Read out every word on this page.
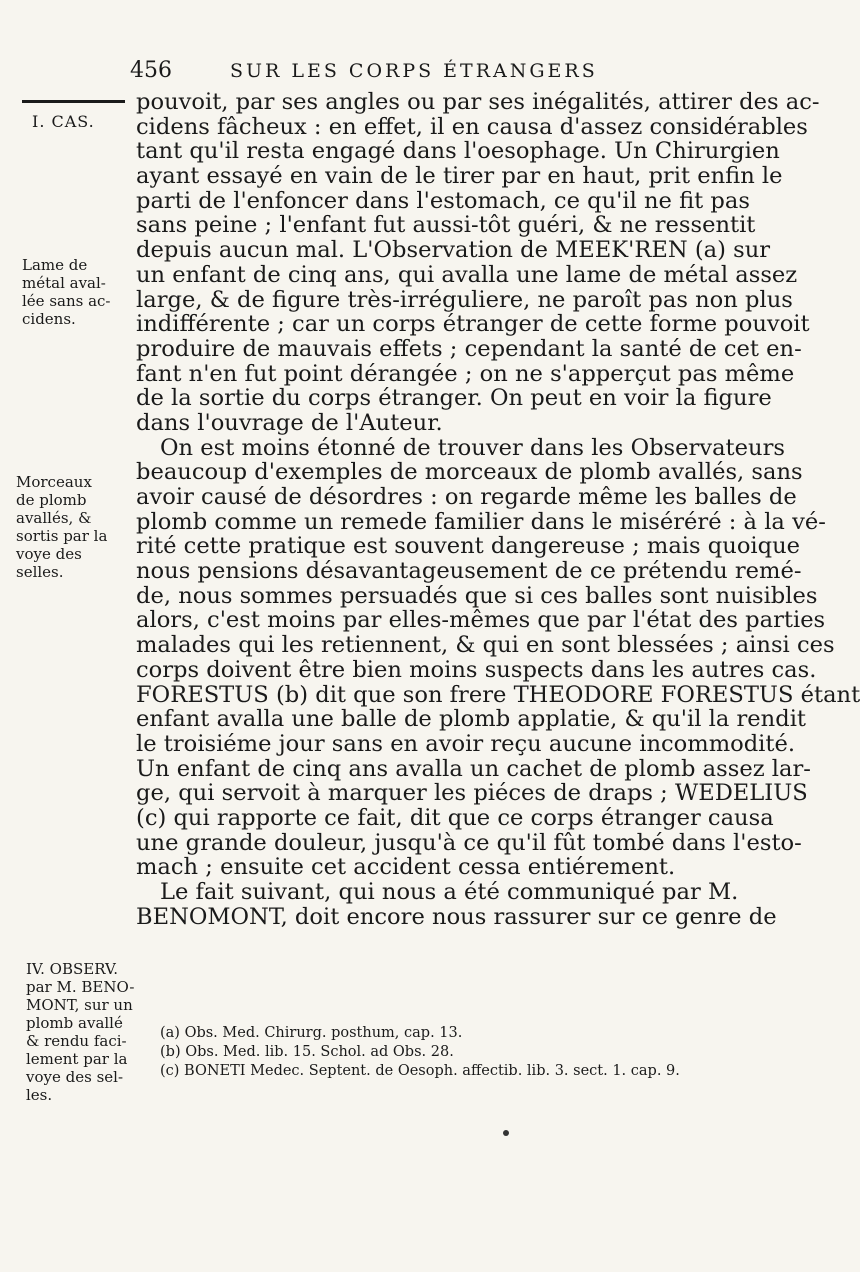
456	SUR LES CORPS ÉTRANGERS
I. CAS.
Lame de
métal aval-
lée sans ac-
cidens.
Morceaux
de plomb
avallés, &
sortis par la
voye des
selles.
IV. OBSERV.
par M. BENO-
MONT, sur un
plomb avallé
& rendu faci-
lement par la
voye des sel-
les.
pouvoit, par ses angles ou par ses inégalités, attirer des ac-
cidens fâcheux : en effet, il en causa d'assez considérables
tant qu'il resta engagé dans l'oesophage. Un Chirurgien
ayant essayé en vain de le tirer par en haut, prit enfin le
parti de l'enfoncer dans l'estomach, ce qu'il ne fit pas
sans peine ; l'enfant fut aussi-tôt guéri, & ne ressentit
depuis aucun mal. L'Observation de MEEK'REN (a) sur
un enfant de cinq ans, qui avalla une lame de métal assez
large, & de figure très-irréguliere, ne paroît pas non plus
indifférente ; car un corps étranger de cette forme pouvoit
produire de mauvais effets ; cependant la santé de cet en-
fant n'en fut point dérangée ; on ne s'apperçut pas même
de la sortie du corps étranger. On peut en voir la figure
dans l'ouvrage de l'Auteur.
On est moins étonné de trouver dans les Observateurs
beaucoup d'exemples de morceaux de plomb avallés, sans
avoir causé de désordres : on regarde même les balles de
plomb comme un remede familier dans le miséréré : à la vé-
rité cette pratique est souvent dangereuse ; mais quoique
nous pensions désavantageusement de ce prétendu remé-
de, nous sommes persuadés que si ces balles sont nuisibles
alors, c'est moins par elles-mêmes que par l'état des parties
malades qui les retiennent, & qui en sont blessées ; ainsi ces
corps doivent être bien moins suspects dans les autres cas.
FORESTUS (b) dit que son frere THEODORE FORESTUS étant
enfant avalla une balle de plomb applatie, & qu'il la rendit
le troisiéme jour sans en avoir reçu aucune incommodité.
Un enfant de cinq ans avalla un cachet de plomb assez lar-
ge, qui servoit à marquer les piéces de draps ; WEDELIUS
(c) qui rapporte ce fait, dit que ce corps étranger causa
une grande douleur, jusqu'à ce qu'il fût tombé dans l'esto-
mach ; ensuite cet accident cessa entiérement.
Le fait suivant, qui nous a été communiqué par M.
BENOMONT, doit encore nous rassurer sur ce genre de
(a) Obs. Med. Chirurg. posthum, cap. 13.
(b) Obs. Med. lib. 15. Schol. ad Obs. 28.
(c) BONETI Medec. Septent. de Oesoph. affectib. lib. 3. sect. 1. cap. 9.
